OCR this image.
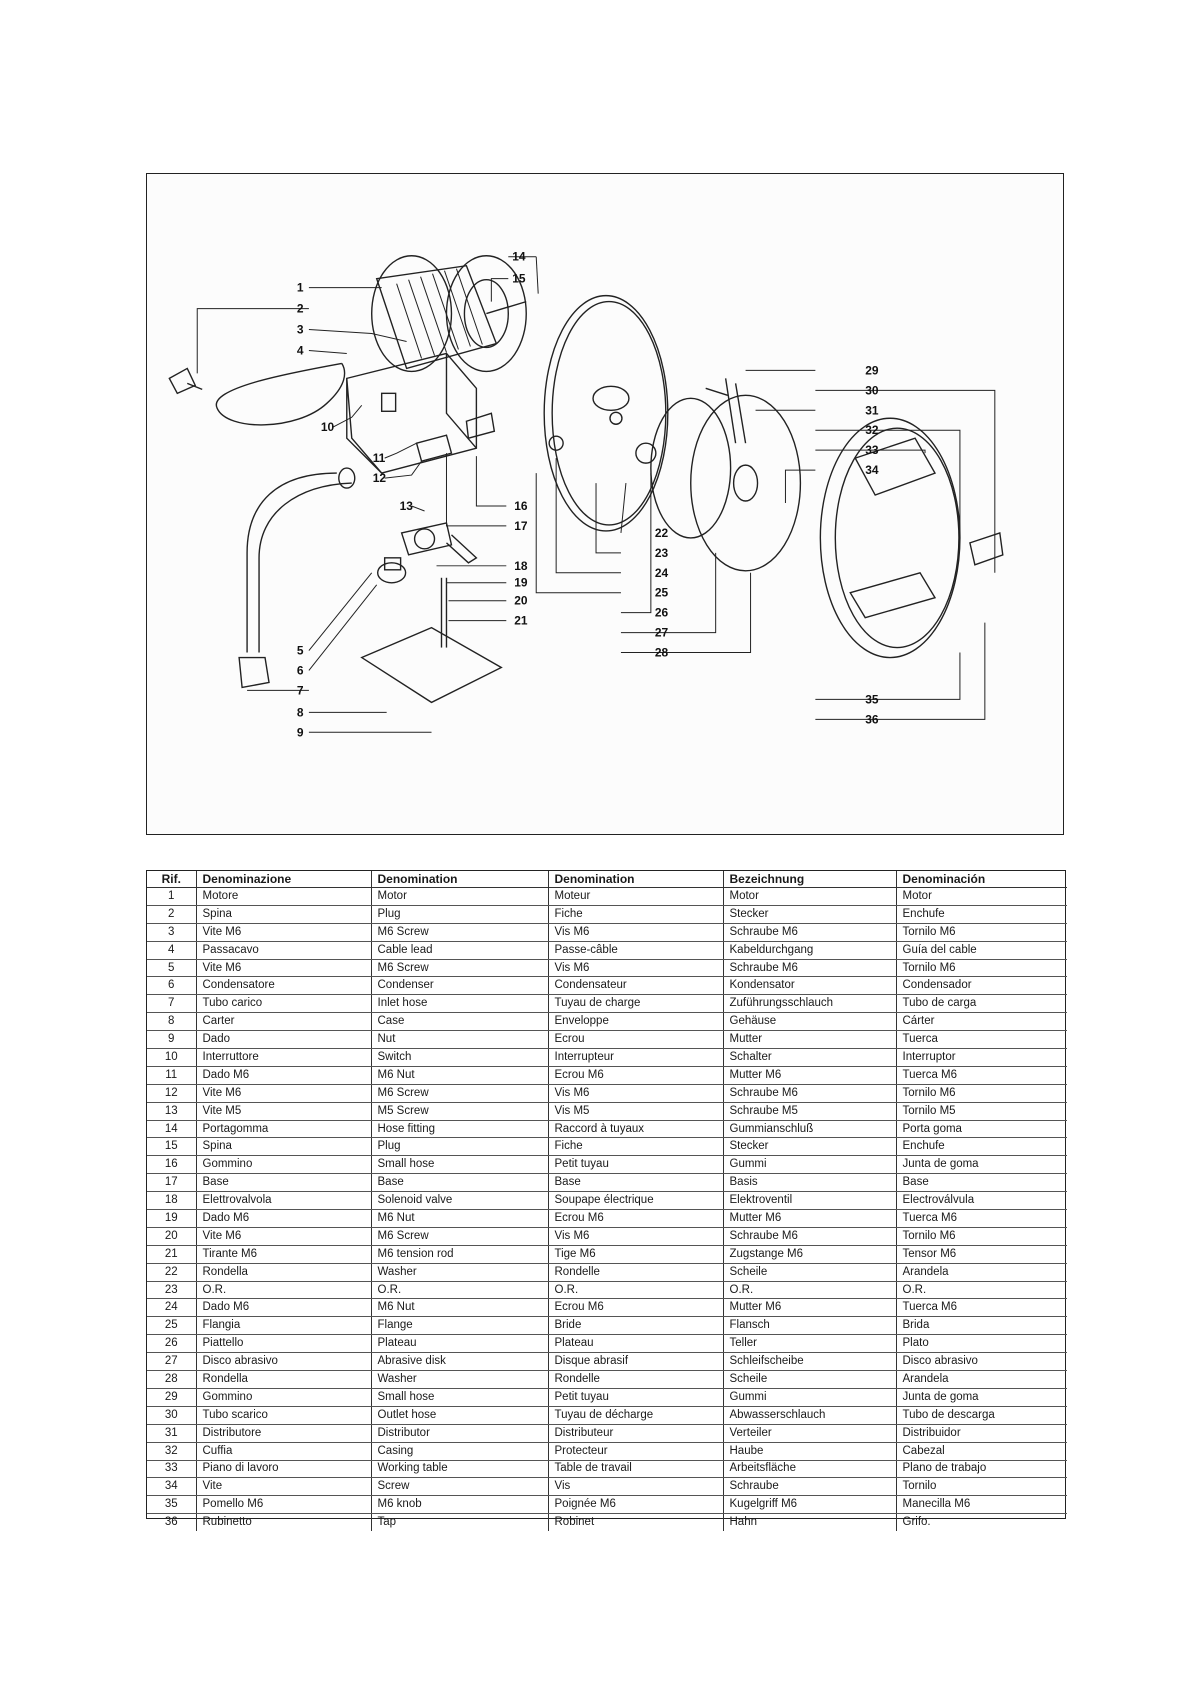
1
2
3
4
5
6
7
8
9
10
11
12
13
14
15
16
17
18
19
20
21
22
23
24
25
26
27
28
29
30
31
32
33
34
35
36
Rif.	Denominazione	Denomination	Denomination	Bezeichnung	Denominación
1	Motore	Motor	Moteur	Motor	Motor
2	Spina	Plug	Fiche	Stecker	Enchufe
3	Vite M6	M6 Screw	Vis M6	Schraube M6	Tornilo M6
4	Passacavo	Cable lead	Passe-câble	Kabeldurchgang	Guía del cable
5	Vite M6	M6 Screw	Vis M6	Schraube M6	Tornilo M6
6	Condensatore	Condenser	Condensateur	Kondensator	Condensador
7	Tubo carico	Inlet hose	Tuyau de charge	Zuführungsschlauch	Tubo de carga
8	Carter	Case	Enveloppe	Gehäuse	Cárter
9	Dado	Nut	Ecrou	Mutter	Tuerca
10	Interruttore	Switch	Interrupteur	Schalter	Interruptor
11	Dado M6	M6 Nut	Ecrou M6	Mutter M6	Tuerca M6
12	Vite M6	M6 Screw	Vis M6	Schraube M6	Tornilo M6
13	Vite M5	M5 Screw	Vis M5	Schraube M5	Tornilo M5
14	Portagomma	Hose fitting	Raccord à tuyaux	Gummianschluß	Porta goma
15	Spina	Plug	Fiche	Stecker	Enchufe
16	Gommino	Small hose	Petit tuyau	Gummi	Junta de goma
17	Base	Base	Base	Basis	Base
18	Elettrovalvola	Solenoid valve	Soupape électrique	Elektroventil	Electroválvula
19	Dado M6	M6 Nut	Ecrou M6	Mutter M6	Tuerca M6
20	Vite M6	M6 Screw	Vis M6	Schraube M6	Tornilo M6
21	Tirante M6	M6 tension rod	Tige M6	Zugstange M6	Tensor M6
22	Rondella	Washer	Rondelle	Scheile	Arandela
23	O.R.	O.R.	O.R.	O.R.	O.R.
24	Dado M6	M6 Nut	Ecrou M6	Mutter M6	Tuerca M6
25	Flangia	Flange	Bride	Flansch	Brida
26	Piattello	Plateau	Plateau	Teller	Plato
27	Disco abrasivo	Abrasive disk	Disque abrasif	Schleifscheibe	Disco abrasivo
28	Rondella	Washer	Rondelle	Scheile	Arandela
29	Gommino	Small hose	Petit tuyau	Gummi	Junta de goma
30	Tubo scarico	Outlet hose	Tuyau de décharge	Abwasserschlauch	Tubo de descarga
31	Distributore	Distributor	Distributeur	Verteiler	Distribuidor
32	Cuffia	Casing	Protecteur	Haube	Cabezal
33	Piano di lavoro	Working table	Table de travail	Arbeitsfläche	Plano de trabajo
34	Vite	Screw	Vis	Schraube	Tornilo
35	Pomello M6	M6 knob	Poignée M6	Kugelgriff M6	Manecilla M6
36	Rubinetto	Tap	Robinet	Hahn	Grifo.
